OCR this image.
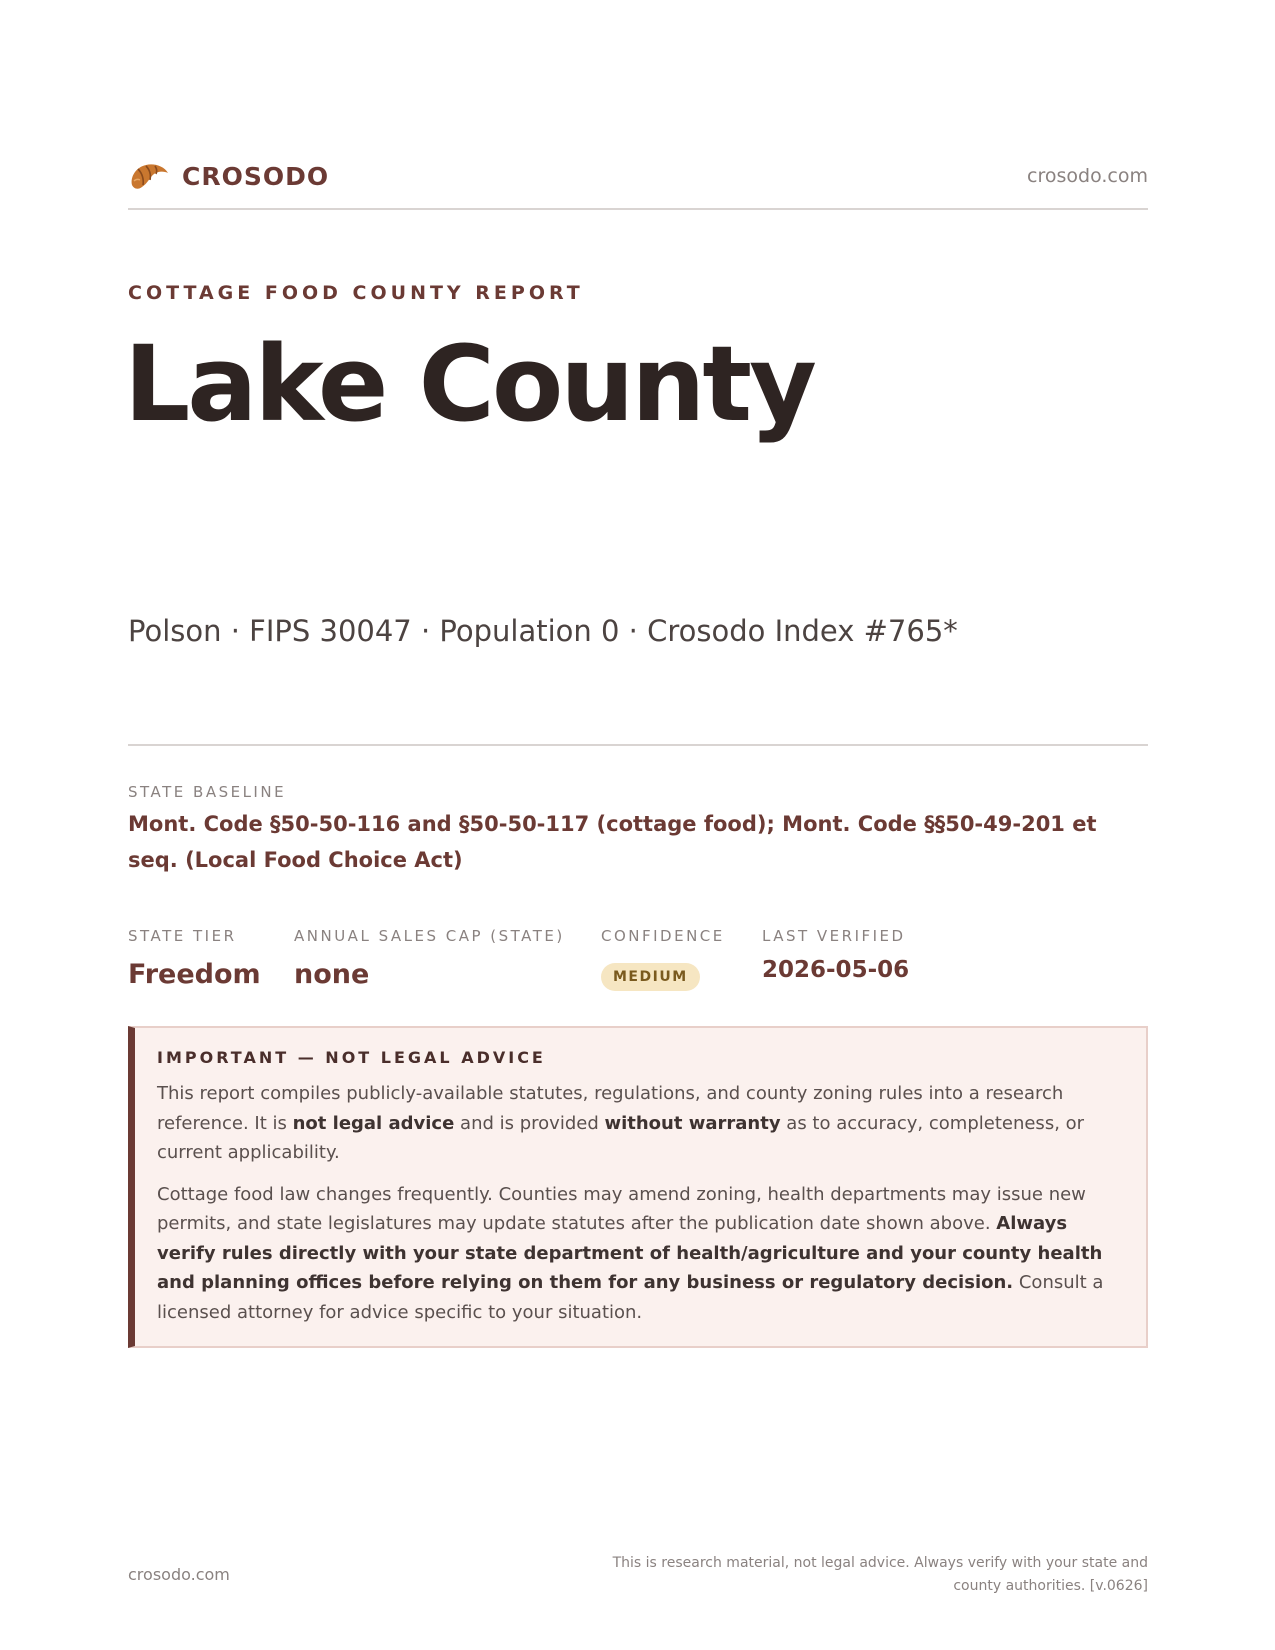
CROSODO	crosodo.com
COTTAGE FOOD COUNTY REPORT
Lake County
Polson · FIPS 30047 · Population 0 · Crosodo Index #765*
STATE BASELINE
Mont. Code §50-50-116 and §50-50-117 (cottage food); Mont. Code §§50-49-201 et seq. (Local Food Choice Act)
STATE TIER
Freedom
ANNUAL SALES CAP (STATE)
none
CONFIDENCE
MEDIUM
LAST VERIFIED
2026-05-06
IMPORTANT — NOT LEGAL ADVICE

This report compiles publicly-available statutes, regulations, and county zoning rules into a research reference. It is not legal advice and is provided without warranty as to accuracy, completeness, or current applicability.

Cottage food law changes frequently. Counties may amend zoning, health departments may issue new permits, and state legislatures may update statutes after the publication date shown above. Always verify rules directly with your state department of health/agriculture and your county health and planning offices before relying on them for any business or regulatory decision. Consult a licensed attorney for advice specific to your situation.

crosodo.com
This is research material, not legal advice. Always verify with your state and county authorities. [v.0626]
